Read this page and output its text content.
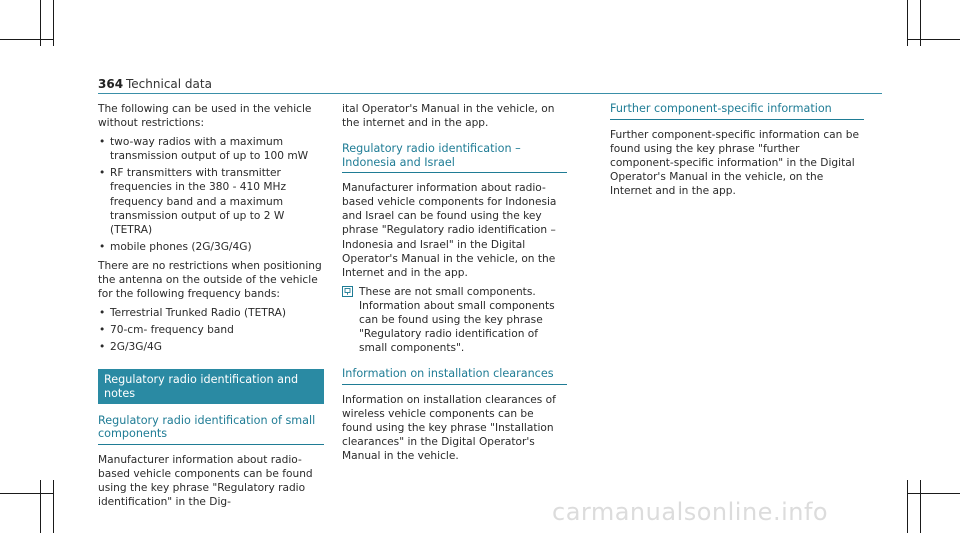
364 Technical data

The following can be used in the vehicle without restrictions:

• two-way radios with a maximum transmission output of up to 100 mW
• RF transmitters with transmitter frequencies in the 380 - 410 MHz frequency band and a maximum transmission output of up to 2 W (TETRA)
• mobile phones (2G/3G/4G)

There are no restrictions when positioning the antenna on the outside of the vehicle for the following frequency bands:

• Terrestrial Trunked Radio (TETRA)
• 70-cm- frequency band
• 2G/3G/4G
Regulatory radio identification and notes
Regulatory radio identification of small components

Manufacturer information about radio-based vehicle components can be found using the key phrase "Regulatory radio identification" in the Dig-

ital Operator's Manual in the vehicle, on the internet and in the app.

Regulatory radio identification – Indonesia and Israel

Manufacturer information about radio-based vehicle components for Indonesia and Israel can be found using the key phrase "Regulatory radio identification – Indonesia and Israel" in the Digital Operator's Manual in the vehicle, on the Internet and in the app.

These are not small components. Information about small components can be found using the key phrase "Regulatory radio identification of small components".
Information on installation clearances

Information on installation clearances of wireless vehicle components can be found using the key phrase "Installation clearances" in the Digital Operator's Manual in the vehicle.

Further component-specific information

Further component-specific information can be found using the key phrase "further component-specific information" in the Digital Operator's Manual in the vehicle, on the Internet and in the app.

carmanualsonline.info
